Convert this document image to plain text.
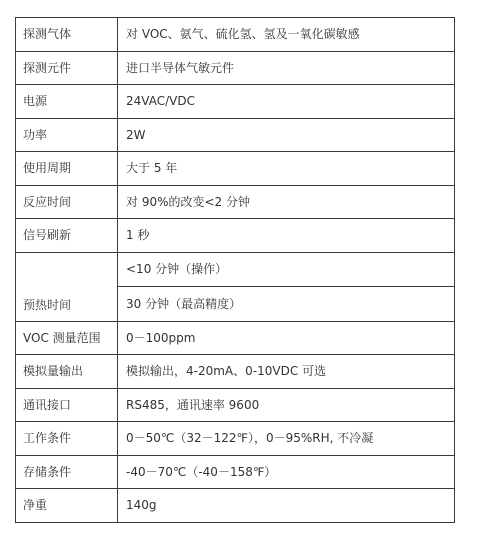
探测气体	对 VOC、氨气、硫化氢、氢及一氧化碳敏感
探测元件	进口半导体气敏元件
电源	24VAC/VDC
功率	2W
使用周期	大于 5 年
反应时间	对 90%的改变<2 分钟
信号刷新	1 秒
预热时间	<10 分钟（操作）
	30 分钟（最高精度）
VOC 测量范围	0－100ppm
模拟量输出	模拟输出，4-20mA、0-10VDC 可选
通讯接口	RS485，通讯速率 9600
工作条件	0－50℃（32－122℉），0－95%RH, 不冷凝
存储条件	-40－70℃（-40－158℉）
净重	140g
